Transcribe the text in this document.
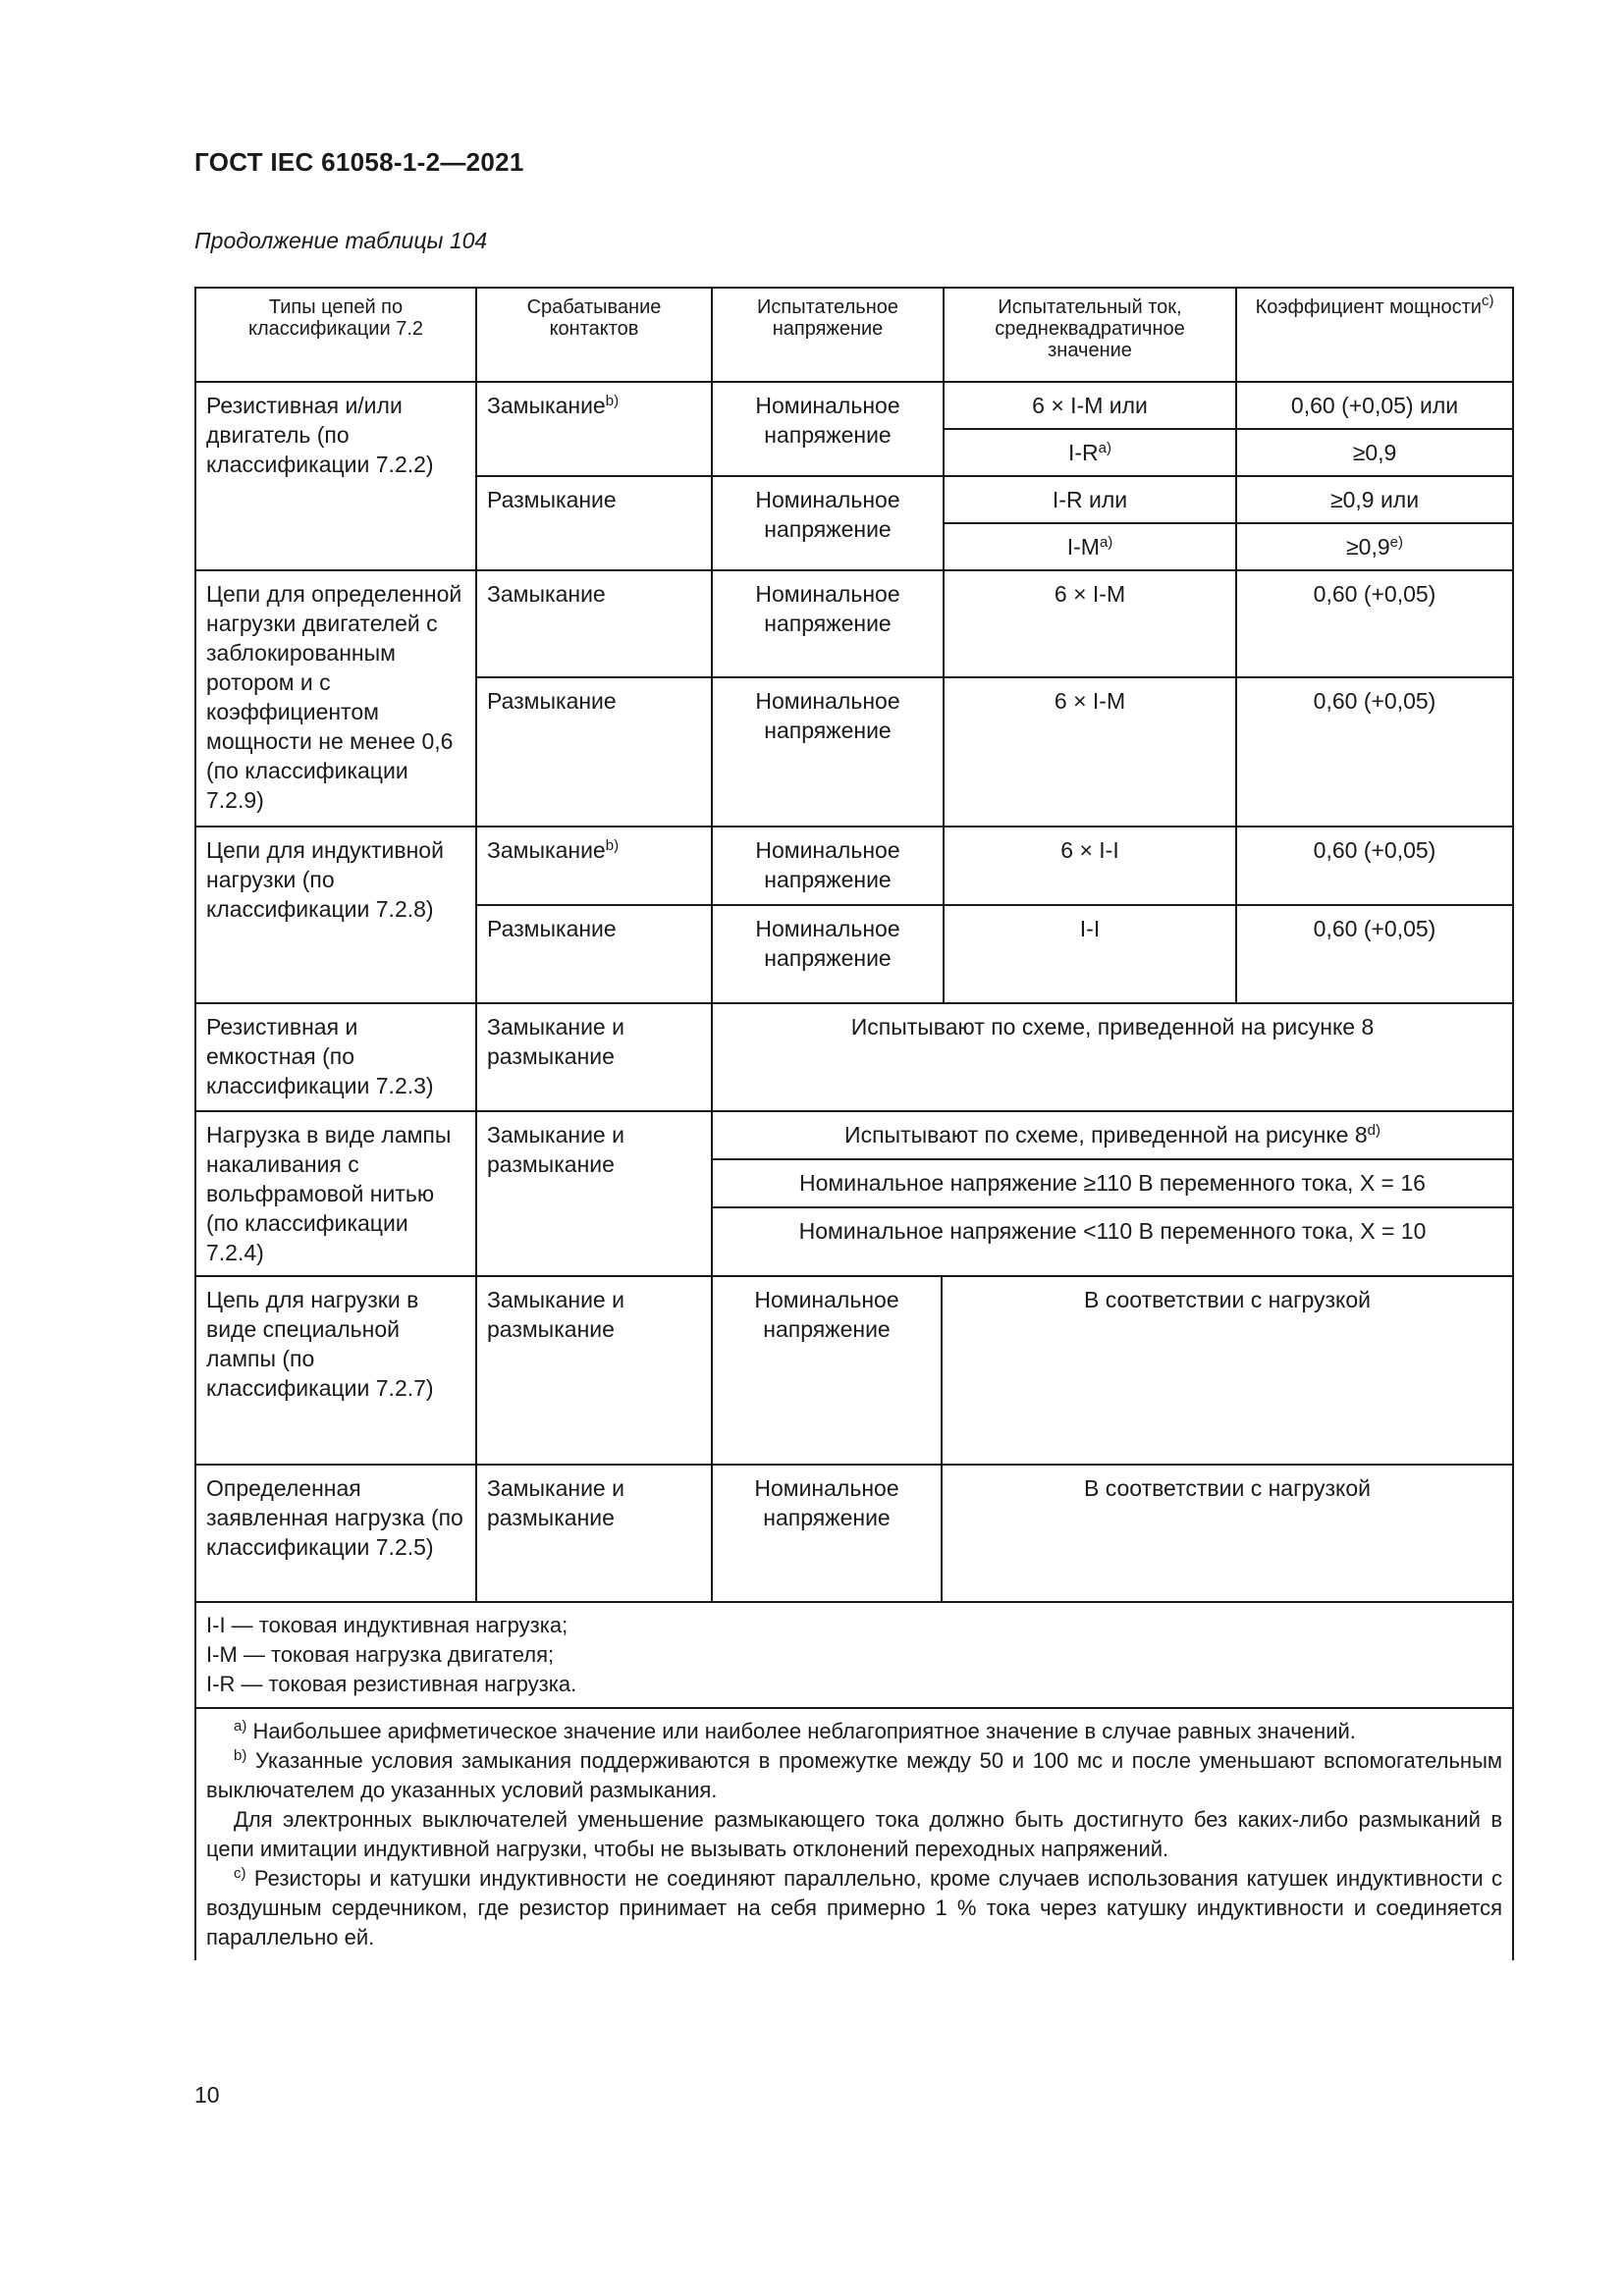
ГОСТ IEC 61058-1-2—2021
Продолжение таблицы 104
Типы цепей по классификации 7.2	Срабатывание контактов	Испытательное напряжение		Испытательный ток, среднеквадратичное значение	Коэффициент мощности$^{c)}$
Резистивная и/или двигатель (по классификации 7.2.2)	Замыкание$^{b)}$	Номинальное напряжение		6 × I-M или	0,60 (+0,05) или
				$I-R^{a)}$	≥0,9
	Размыкание	Номинальное напряжение		I-R или	≥0,9 или
				$I-M^{a)}$	$\ge 0,9^{e)}$
Цепи для определенной нагрузки двигателей с заблокированным ротором и с коэффициентом мощности не менее 0,6 (по классификации 7.2.9)	Замыкание	Номинальное напряжение		6 × I-M	0,60 (+0,05)
	Размыкание	Номинальное напряжение		6 × I-M	0,60 (+0,05)
Цепи для индуктивной нагрузки (по классификации 7.2.8)	Замыкание$^{b)}$	Номинальное напряжение		6 × I-I	0,60 (+0,05)
	Размыкание	Номинальное напряжение		I-I	0,60 (+0,05)
Резистивная и емкостная (по классификации 7.2.3)	Замыкание и размыкание	Испытывают по схеме, приведенной на рисунке 8			
Нагрузка в виде лампы накаливания с вольфрамовой нитью (по классификации 7.2.4)	Замыкание и размыкание	Испытывают по схеме, приведенной на рисунке 8$^{d)}$
		Номинальное напряжение ≥110 В переменного тока, X = 16			
		Номинальное напряжение <110 В переменного тока, X = 10			
Цепь для нагрузки в виде специальной лампы (по классификации 7.2.7)	Замыкание и размыкание	Номинальное напряжение	В соответствии с нагрузкой		
Определенная заявленная нагрузка (по классификации 7.2.5)	Замыкание и размыкание	Номинальное напряжение	В соответствии с нагрузкой		

I-I — токовая индуктивная нагрузка;

I-M — токовая нагрузка двигателя;

I-R — токовая резистивная нагрузка.					

$^{a)}$ Наибольшее арифметическое значение или наиболее неблагоприятное значение в случае равных значений.

$^{b)}$ Указанные условия замыкания поддерживаются в промежутке между 50 и 100 мс и после уменьшают вспомогательным выключателем до указанных условий размыкания.

Для электронных выключателей уменьшение размыкающего тока должно быть достигнуто без каких-либо размыканий в цепи имитации индуктивной нагрузки, чтобы не вызывать отклонений переходных напряжений.

$^{c)}$ Резисторы и катушки индуктивности не соединяют параллельно, кроме случаев использования катушек индуктивности с воздушным сердечником, где резистор принимает на себя примерно 1 % тока через катушку индуктивности и соединяется параллельно ей.					

10
